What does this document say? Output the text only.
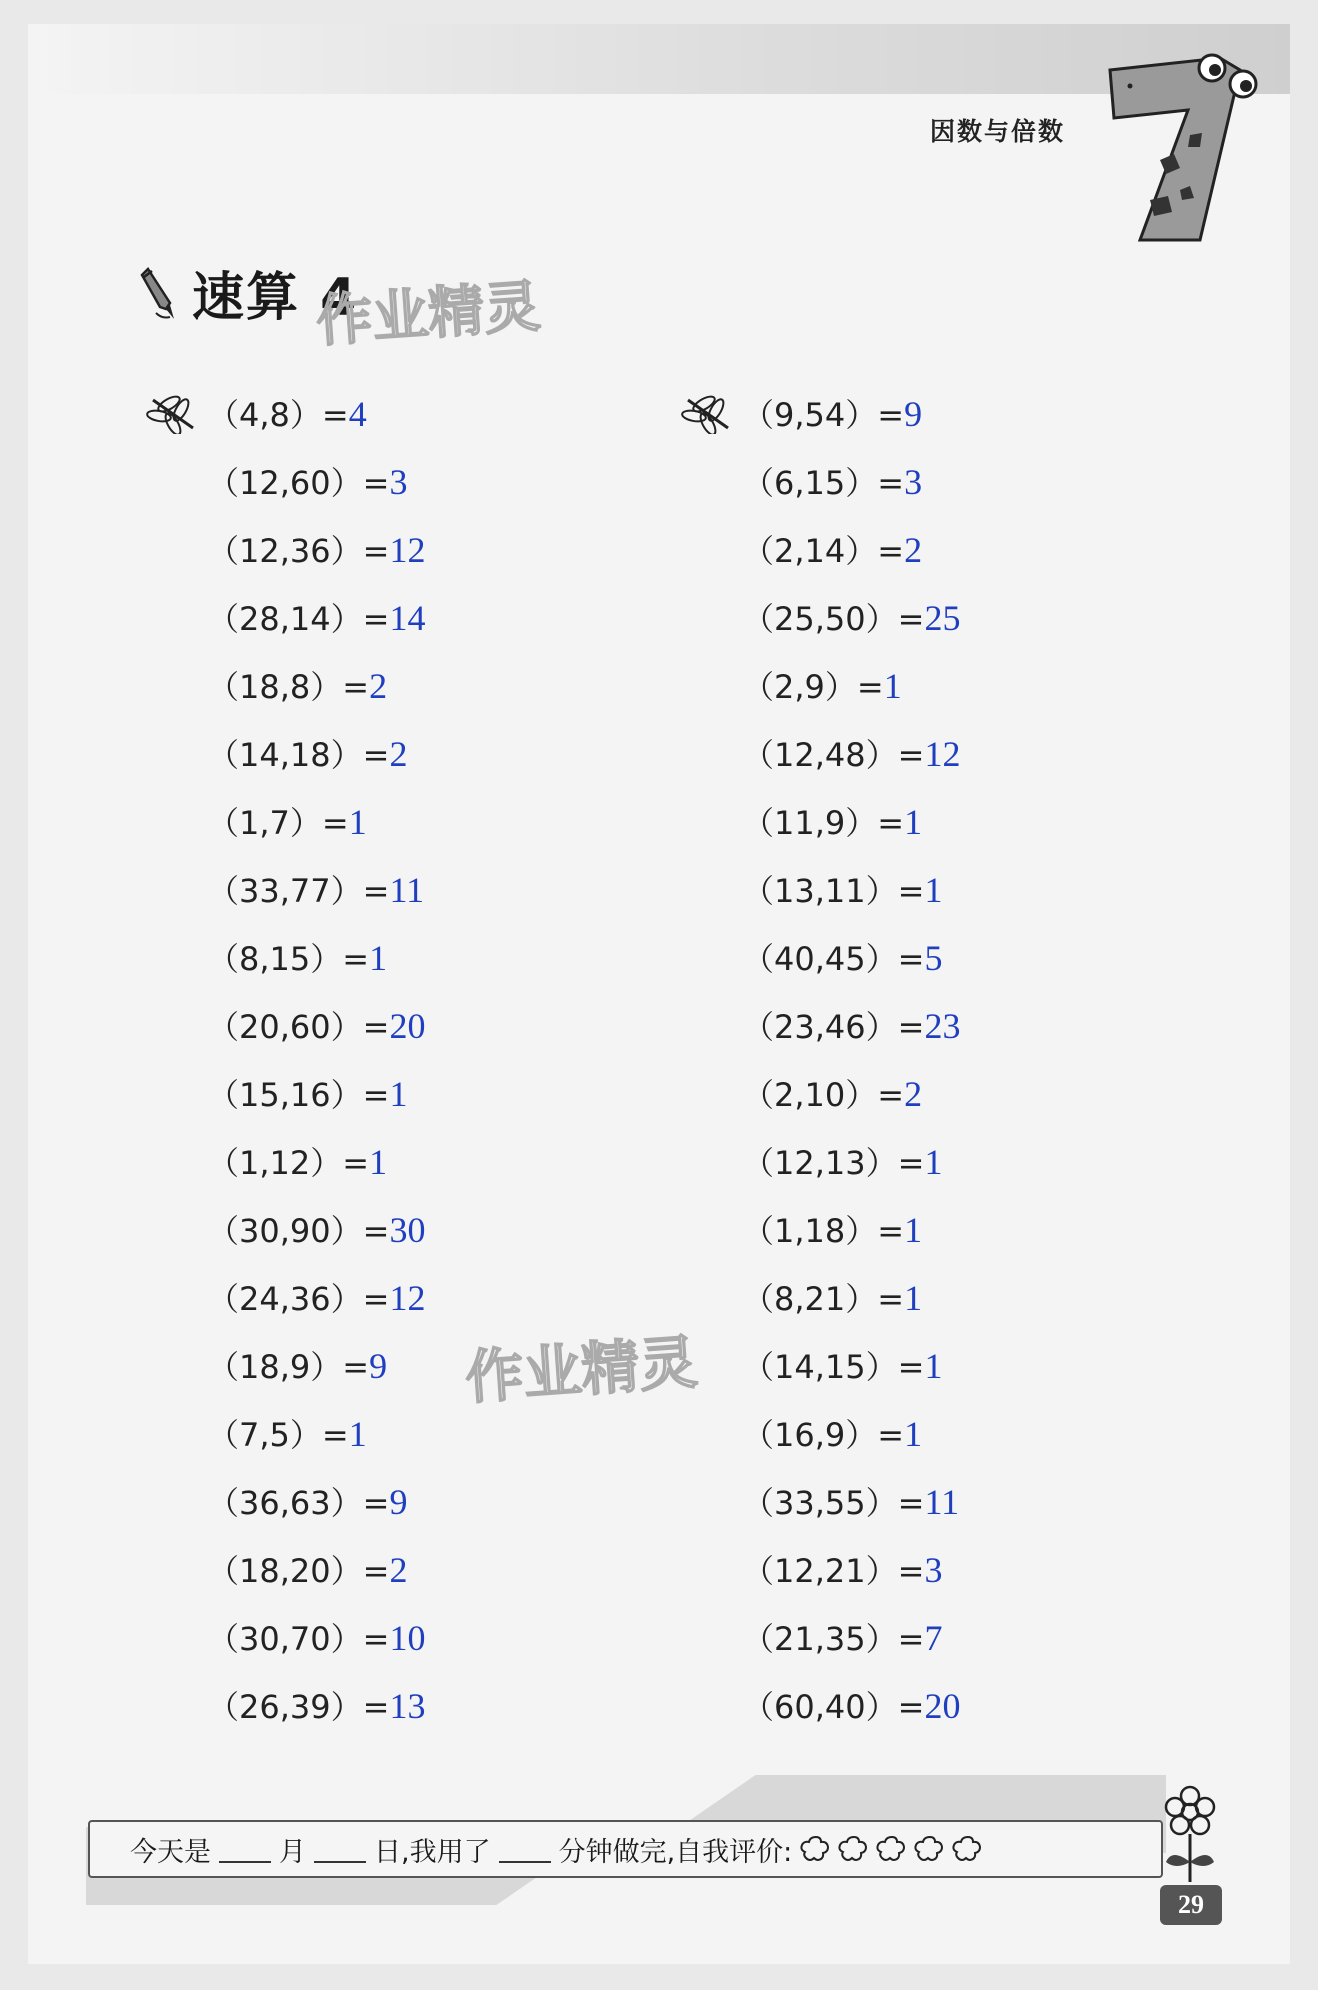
因数与倍数
速算 4
作业精灵
作业精灵
（4,8）=4
（12,60）=3
（12,36）=12
（28,14）=14
（18,8）=2
（14,18）=2
（1,7）=1
（33,77）=11
（8,15）=1
（20,60）=20
（15,16）=1
（1,12）=1
（30,90）=30
（24,36）=12
（18,9）=9
（7,5）=1
（36,63）=9
（18,20）=2
（30,70）=10
（26,39）=13
（9,54）=9
（6,15）=3
（2,14）=2
（25,50）=25
（2,9）=1
（12,48）=12
（11,9）=1
（13,11）=1
（40,45）=5
（23,46）=23
（2,10）=2
（12,13）=1
（1,18）=1
（8,21）=1
（14,15）=1
（16,9）=1
（33,55）=11
（12,21）=3
（21,35）=7
（60,40）=20
今天是	月	日,我用了	分钟做完,自我评价:
29
